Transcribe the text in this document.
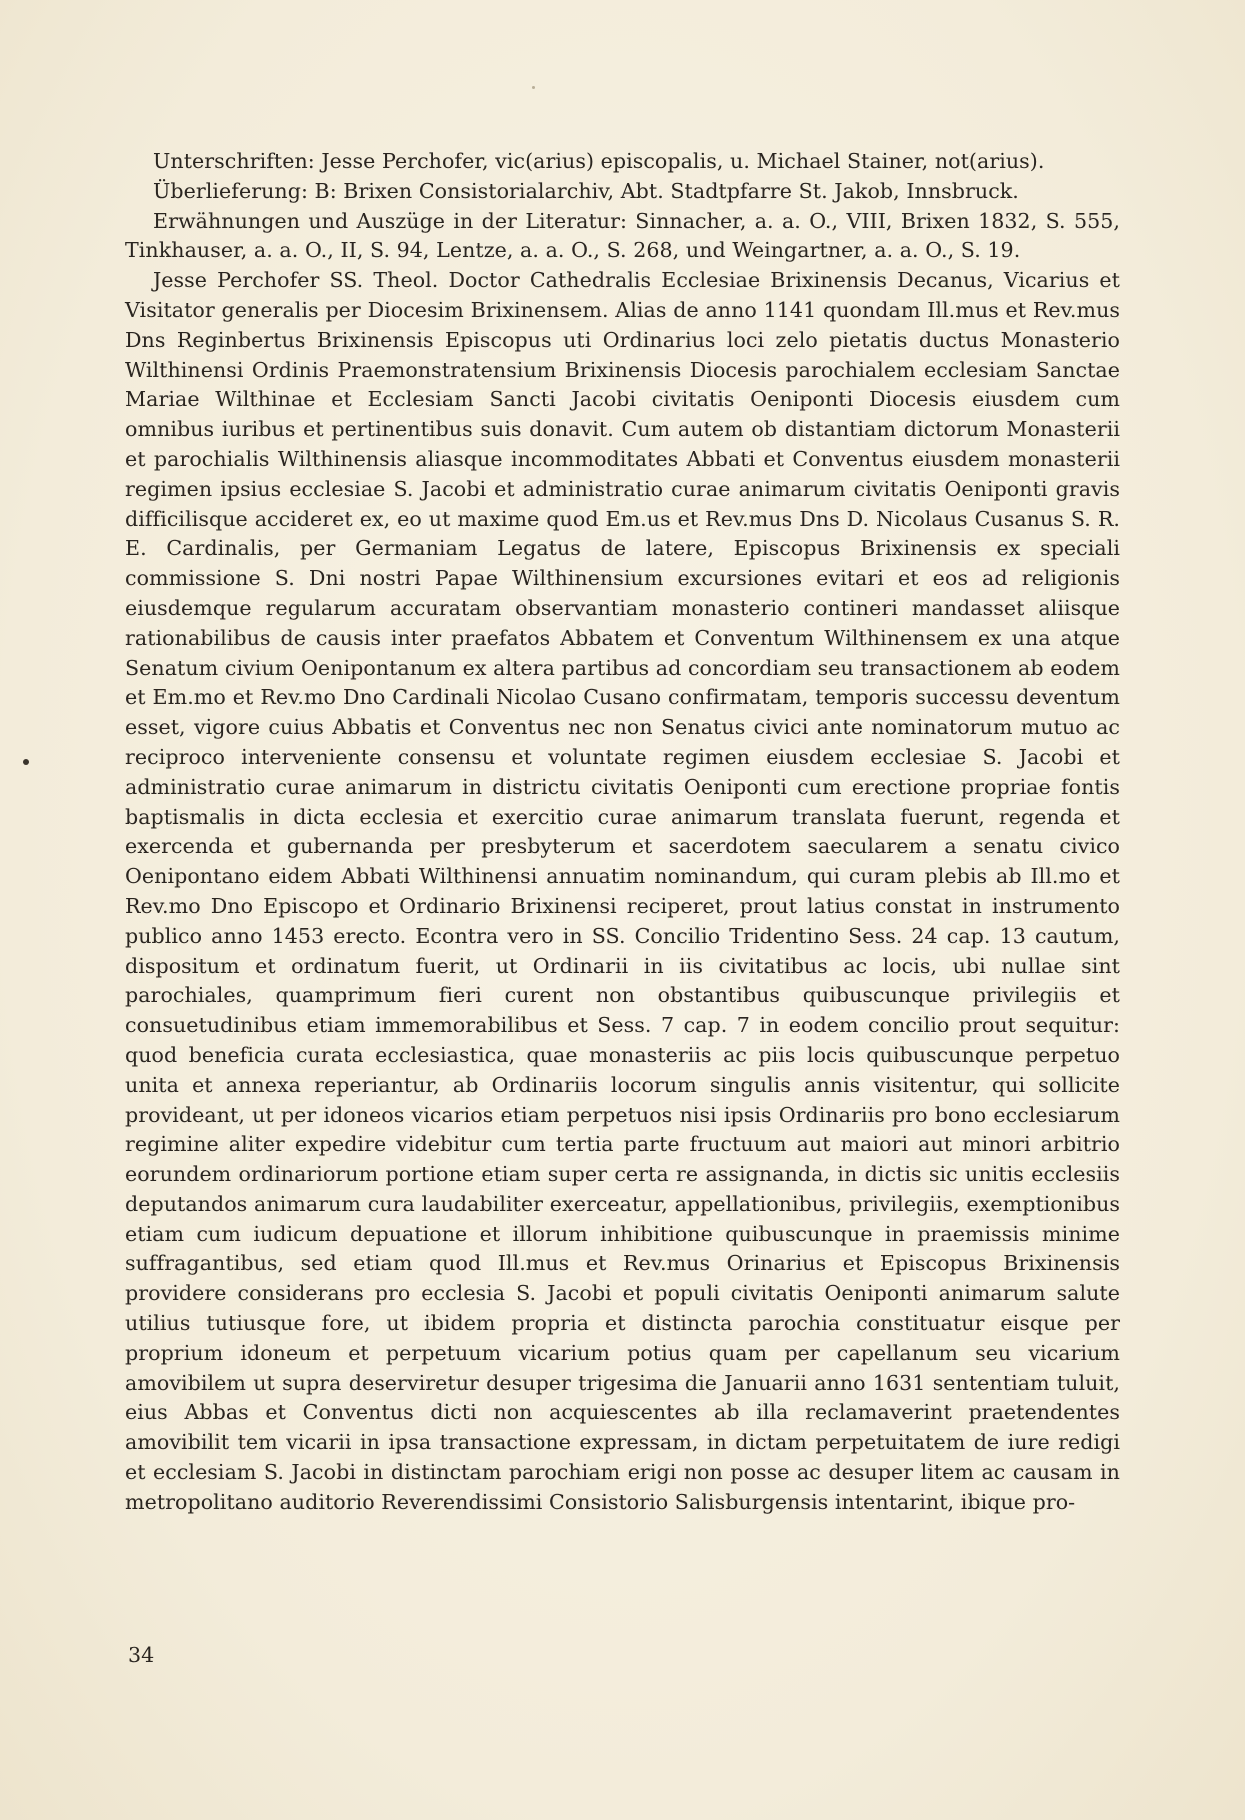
Unterschriften: Jesse Perchofer, vic(arius) episcopalis, u. Michael Stainer, not(arius).

Überlieferung: B: Brixen Consistorialarchiv, Abt. Stadtpfarre St. Jakob, Innsbruck.

Erwähnungen und Auszüge in der Literatur: Sinnacher, a. a. O., VIII, Brixen 1832, S. 555, Tinkhauser, a. a. O., II, S. 94, Lentze, a. a. O., S. 268, und Weingartner, a. a. O., S. 19.

Jesse Perchofer SS. Theol. Doctor Cathedralis Ecclesiae Brixinensis Decanus, Vicarius et Visitator generalis per Diocesim Brixinensem. Alias de anno 1141 quondam Ill.mus et Rev.mus Dns Reginbertus Brixinensis Episcopus uti Ordinarius loci zelo pietatis ductus Monasterio Wilthinensi Ordinis Praemonstratensium Brixinensis Diocesis parochialem ecclesiam Sanctae Mariae Wilthinae et Ecclesiam Sancti Jacobi civitatis Oeniponti Diocesis eiusdem cum omnibus iuribus et pertinentibus suis donavit. Cum autem ob distantiam dictorum Monasterii et parochialis Wilthinensis aliasque incommoditates Abbati et Conventus eiusdem monasterii regimen ipsius ecclesiae S. Jacobi et administratio curae animarum civitatis Oeniponti gravis difficilisque accideret ex, eo ut maxime quod Em.us et Rev.mus Dns D. Nicolaus Cusanus S. R. E. Cardinalis, per Germaniam Legatus de latere, Episcopus Brixinensis ex speciali commissione S. Dni nostri Papae Wilthinensium excursiones evitari et eos ad religionis eiusdemque regularum accuratam observantiam monasterio contineri mandasset aliisque rationabilibus de causis inter praefatos Abbatem et Conventum Wilthinensem ex una atque Senatum civium Oenipontanum ex altera partibus ad concordiam seu transactionem ab eodem et Em.mo et Rev.mo Dno Cardinali Nicolao Cusano confirmatam, temporis successu deventum esset, vigore cuius Abbatis et Conventus nec non Senatus civici ante nominatorum mutuo ac reciproco interveniente consensu et voluntate regimen eiusdem ecclesiae S. Jacobi et administratio curae animarum in districtu civitatis Oeniponti cum erectione propriae fontis baptismalis in dicta ecclesia et exercitio curae animarum translata fuerunt, regenda et exercenda et gubernanda per presbyterum et sacerdotem saecularem a senatu civico Oenipontano eidem Abbati Wilthinensi annuatim nominandum, qui curam plebis ab Ill.mo et Rev.mo Dno Episcopo et Ordinario Brixinensi reciperet, prout latius constat in instrumento publico anno 1453 erecto. Econtra vero in SS. Concilio Tridentino Sess. 24 cap. 13 cautum, dispositum et ordinatum fuerit, ut Ordinarii in iis civitatibus ac locis, ubi nullae sint parochiales, quamprimum fieri curent non obstantibus quibuscunque privilegiis et consuetudinibus etiam immemorabilibus et Sess. 7 cap. 7 in eodem concilio prout sequitur: quod beneficia curata ecclesiastica, quae monasteriis ac piis locis quibuscunque perpetuo unita et annexa reperiantur, ab Ordinariis locorum singulis annis visitentur, qui sollicite provideant, ut per idoneos vicarios etiam perpetuos nisi ipsis Ordinariis pro bono ecclesiarum regimine aliter expedire videbitur cum tertia parte fructuum aut maiori aut minori arbitrio eorundem ordinariorum portione etiam super certa re assignanda, in dictis sic unitis ecclesiis deputandos animarum cura laudabiliter exerceatur, appellationibus, privilegiis, exemptionibus etiam cum iudicum depuatione et illorum inhibitione quibuscunque in praemissis minime suffragantibus, sed etiam quod Ill.mus et Rev.mus Orinarius et Episcopus Brixinensis providere considerans pro ecclesia S. Jacobi et populi civitatis Oeniponti animarum salute utilius tutiusque fore, ut ibidem propria et distincta parochia constituatur eisque per proprium idoneum et perpetuum vicarium potius quam per capellanum seu vicarium amovibilem ut supra deserviretur desuper trigesima die Januarii anno 1631 sententiam tuluit, eius Abbas et Conventus dicti non acquiescentes ab illa reclamaverint praetendentes amovibilit tem vicarii in ipsa transactione expressam, in dictam perpetuitatem de iure redigi et ecclesiam S. Jacobi in distinctam parochiam erigi non posse ac desuper litem ac causam in metropolitano auditorio Reverendissimi Consistorio Salisburgensis intentarint, ibique pro-

34
